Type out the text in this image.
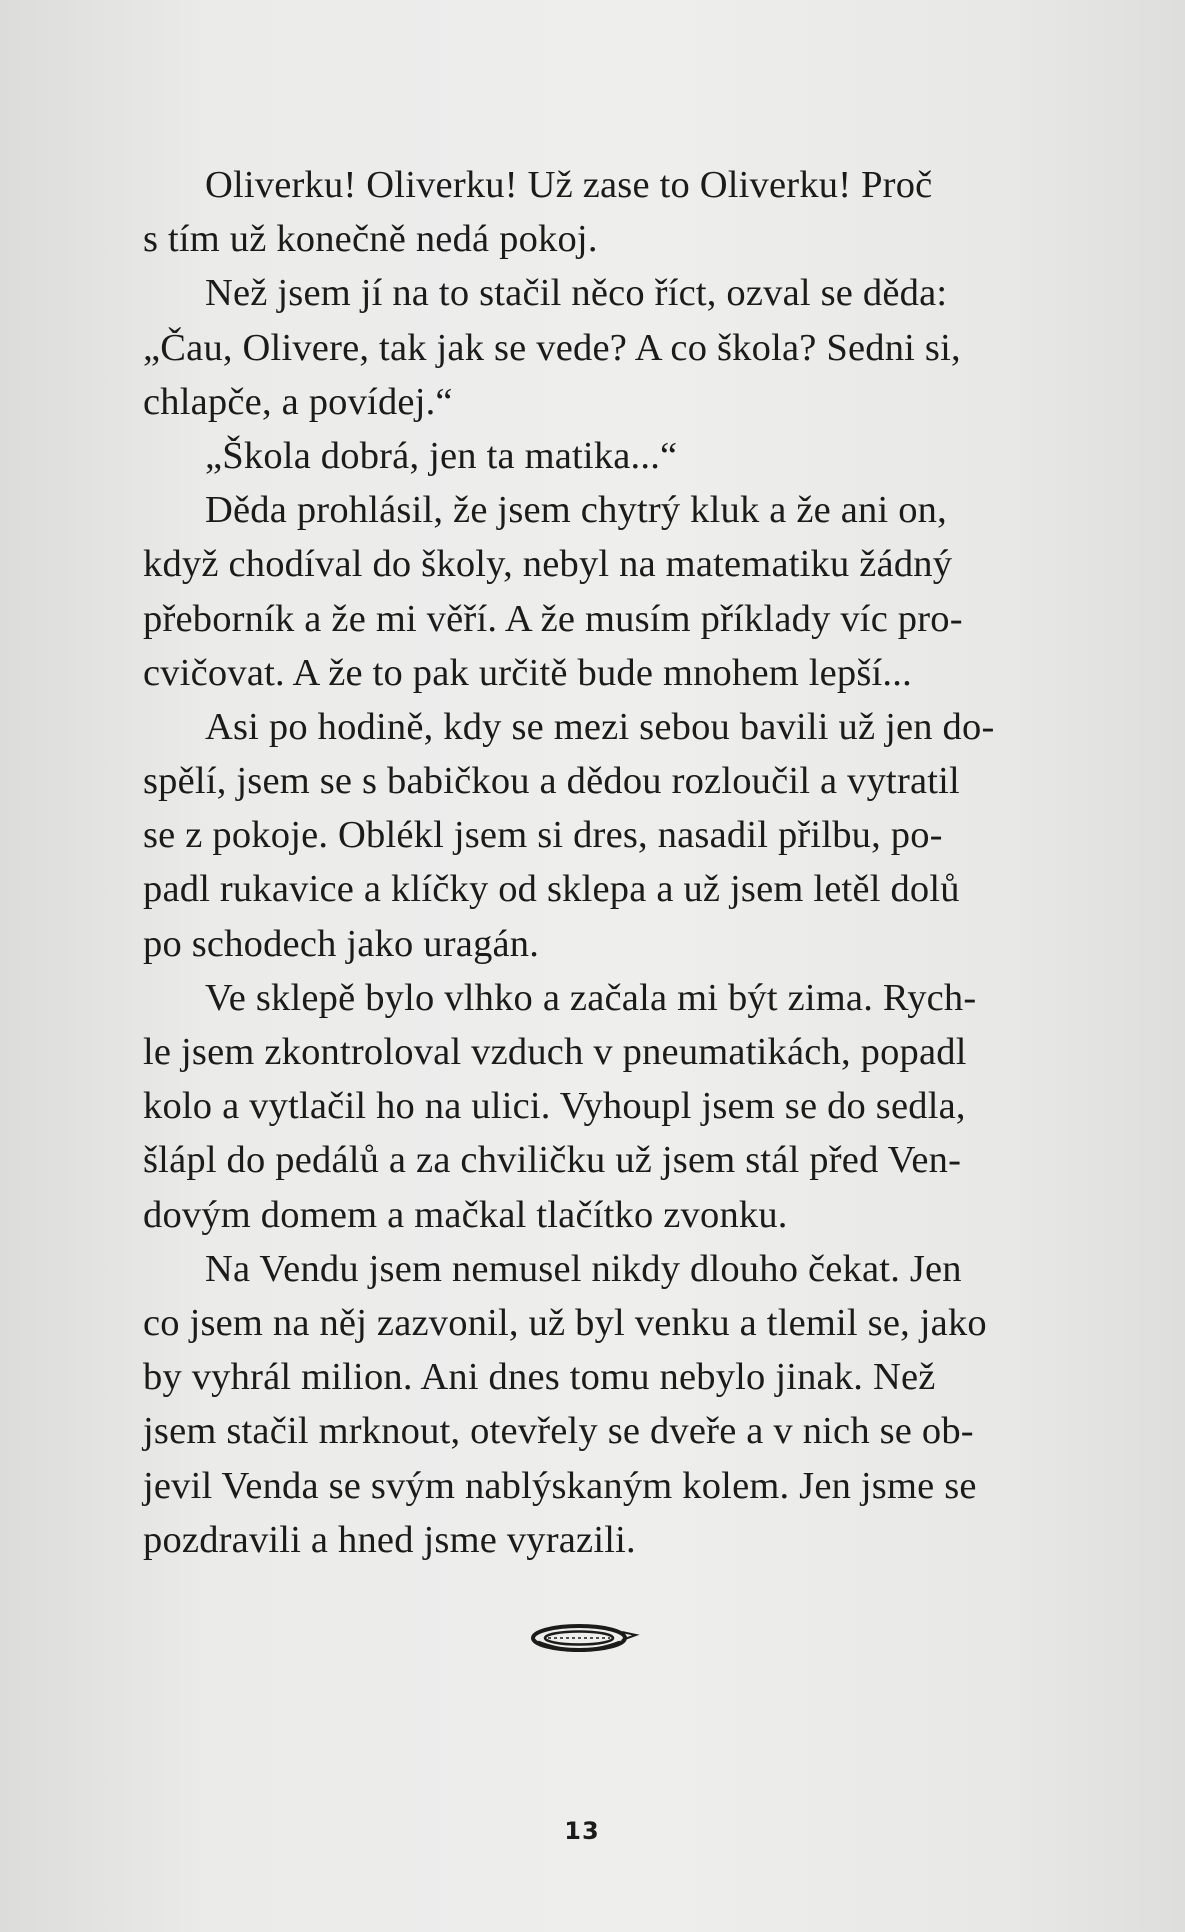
Oliverku! Oliverku! Už zase to Oliverku! Proč
s tím už konečně nedá pokoj.
Než jsem jí na to stačil něco říct, ozval se děda:
„Čau, Olivere, tak jak se vede? A co škola? Sedni si,
chlapče, a povídej.“
„Škola dobrá, jen ta matika...“
Děda prohlásil, že jsem chytrý kluk a že ani on,
když chodíval do školy, nebyl na matematiku žádný
přeborník a že mi věří. A že musím příklady víc pro-
cvičovat. A že to pak určitě bude mnohem lepší...
Asi po hodině, kdy se mezi sebou bavili už jen do-
spělí, jsem se s babičkou a dědou rozloučil a vytratil
se z pokoje. Oblékl jsem si dres, nasadil přilbu, po-
padl rukavice a klíčky od sklepa a už jsem letěl dolů
po schodech jako uragán.
Ve sklepě bylo vlhko a začala mi být zima. Rych-
le jsem zkontroloval vzduch v pneumatikách, popadl
kolo a vytlačil ho na ulici. Vyhoupl jsem se do sedla,
šlápl do pedálů a za chviličku už jsem stál před Ven-
dovým domem a mačkal tlačítko zvonku.
Na Vendu jsem nemusel nikdy dlouho čekat. Jen
co jsem na něj zazvonil, už byl venku a tlemil se, jako
by vyhrál milion. Ani dnes tomu nebylo jinak. Než
jsem stačil mrknout, otevřely se dveře a v nich se ob-
jevil Venda se svým nablýskaným kolem. Jen jsme se
pozdravili a hned jsme vyrazili.
13
